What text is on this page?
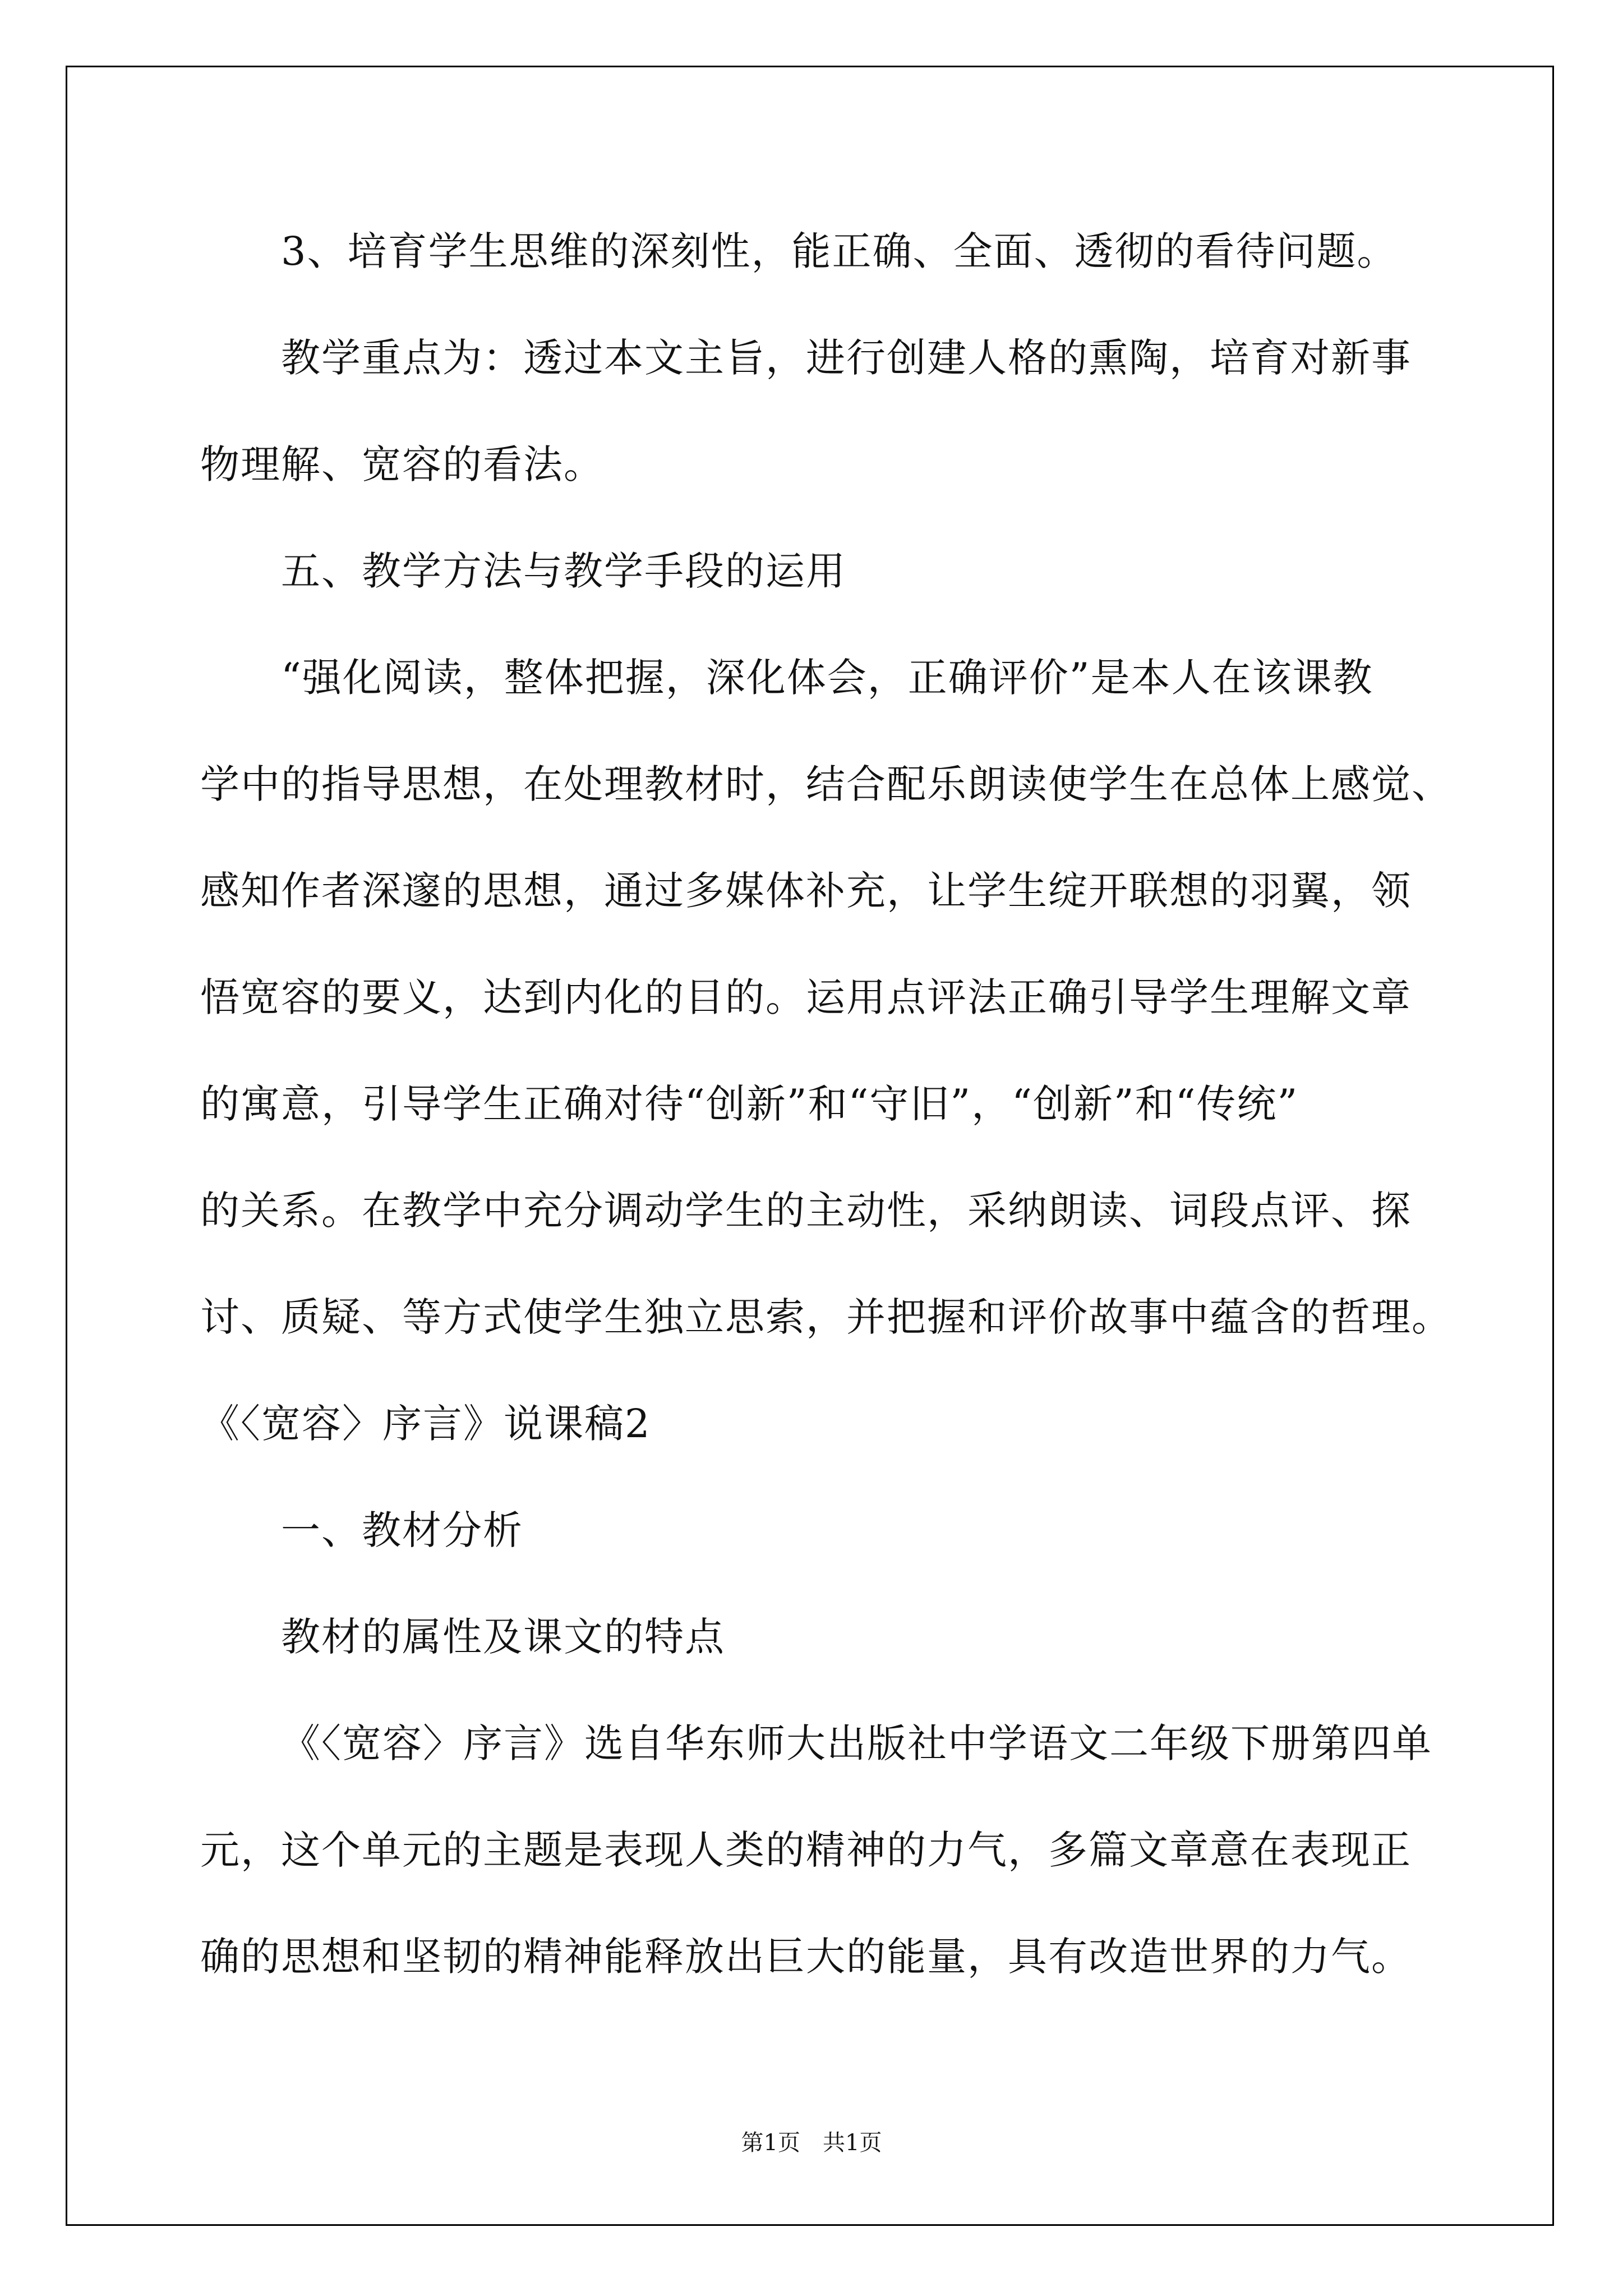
3、培育学生思维的深刻性，能正确、全面、透彻的看待问题。
教学重点为：透过本文主旨，进行创建人格的熏陶，培育对新事
物理解、宽容的看法。
五、教学方法与教学手段的运用
“强化阅读，整体把握，深化体会，正确评价”是本人在该课教
学中的指导思想，在处理教材时，结合配乐朗读使学生在总体上感觉、
感知作者深邃的思想，通过多媒体补充，让学生绽开联想的羽翼，领
悟宽容的要义，达到内化的目的。运用点评法正确引导学生理解文章
的寓意，引导学生正确对待“创新”和“守旧”，“创新”和“传统”
的关系。在教学中充分调动学生的主动性，采纳朗读、词段点评、探
讨、质疑、等方式使学生独立思索，并把握和评价故事中蕴含的哲理。
《〈宽容〉序言》说课稿2
一、教材分析
教材的属性及课文的特点
《〈宽容〉序言》选自华东师大出版社中学语文二年级下册第四单
元，这个单元的主题是表现人类的精神的力气，多篇文章意在表现正
确的思想和坚韧的精神能释放出巨大的能量，具有改造世界的力气。
第1页 共1页
